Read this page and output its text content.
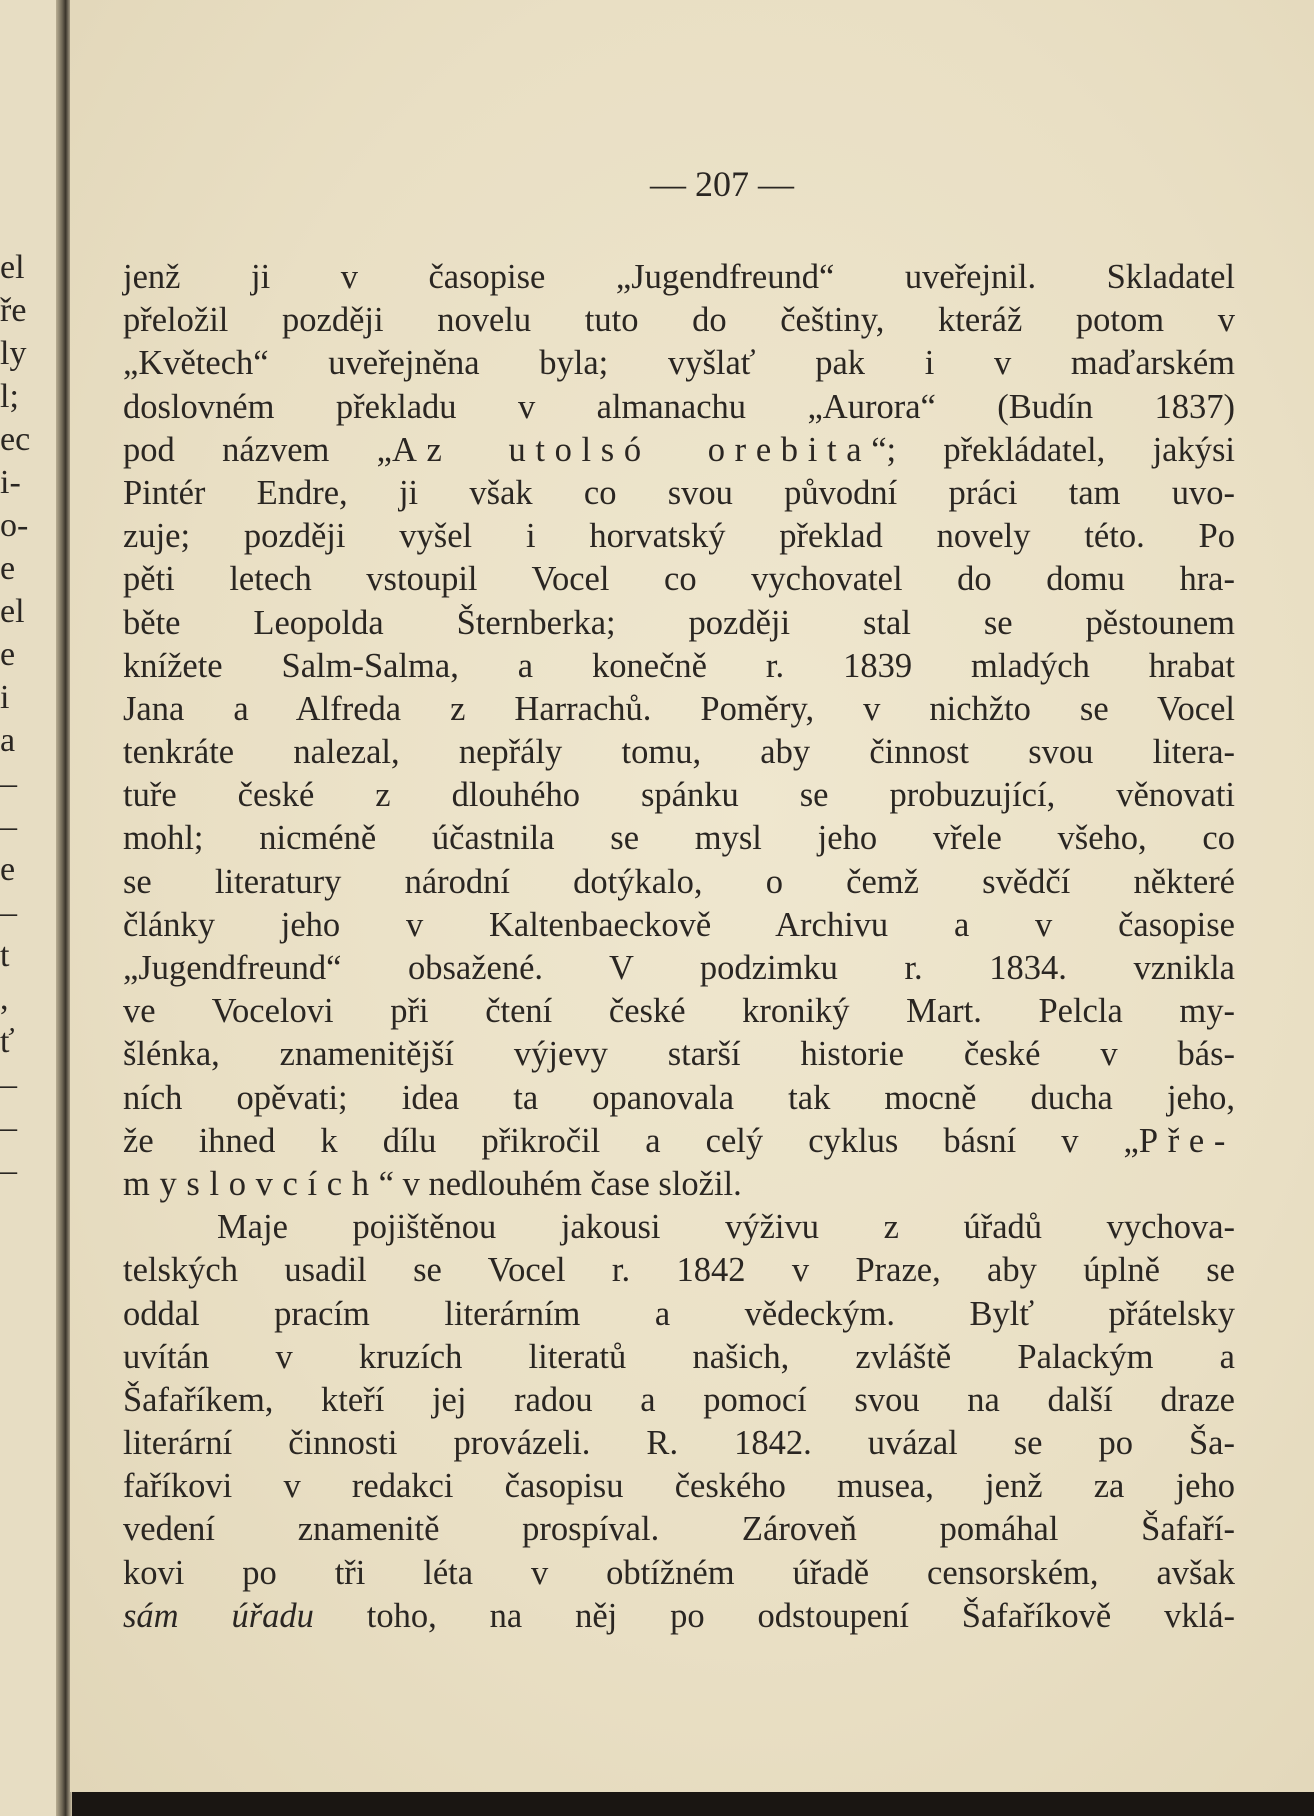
el
ře
ly
l;
ec
i-
o-
e
el
e
i
a
–
–
e
–
t
,
ť
–
–
–
— 207 —
jenž ji v časopise „Jugendfreund“ uveřejnil. Skladatel
přeložil později novelu tuto do češtiny, kteráž potom v
„Květech“ uveřejněna byla; vyšlať pak i v maďarském
doslovném překladu v almanachu „Aurora“ (Budín 1837)
pod názvem „Az utolsó orebita“; překládatel, jakýsi
Pintér Endre, ji však co svou původní práci tam uvo-
zuje; později vyšel i horvatský překlad novely této. Po
pěti letech vstoupil Vocel co vychovatel do domu hra-
běte Leopolda Šternberka; později stal se pěstounem
knížete Salm-Salma, a konečně r. 1839 mladých hrabat
Jana a Alfreda z Harrachů. Poměry, v nichžto se Vocel
tenkráte nalezal, nepřály tomu, aby činnost svou litera-
tuře české z dlouhého spánku se probuzující, věnovati
mohl; nicméně účastnila se mysl jeho vřele všeho, co
se literatury národní dotýkalo, o čemž svědčí některé
články jeho v Kaltenbaeckově Archivu a v časopise
„Jugendfreund“ obsažené. V podzimku r. 1834. vznikla
ve Vocelovi při čtení české kroniký Mart. Pelcla my-
šlénka, znamenitější výjevy starší historie české v bás-
ních opěvati; idea ta opanovala tak mocně ducha jeho,
že ihned k dílu přikročil a celý cyklus básní v „Pře-
myslovcích“ v nedlouhém čase složil.
Maje pojištěnou jakousi výživu z úřadů vychova-
telských usadil se Vocel r. 1842 v Praze, aby úplně se
oddal pracím literárním a vědeckým. Bylť přátelsky
uvítán v kruzích literatů našich, zvláště Palackým a
Šafaříkem, kteří jej radou a pomocí svou na další draze
literární činnosti provázeli. R. 1842. uvázal se po Ša-
faříkovi v redakci časopisu českého musea, jenž za jeho
vedení znamenitě prospíval. Zároveň pomáhal Šafaří-
kovi po tři léta v obtížném úřadě censorském, avšak
sám úřadu toho, na něj po odstoupení Šafaříkově vklá-
